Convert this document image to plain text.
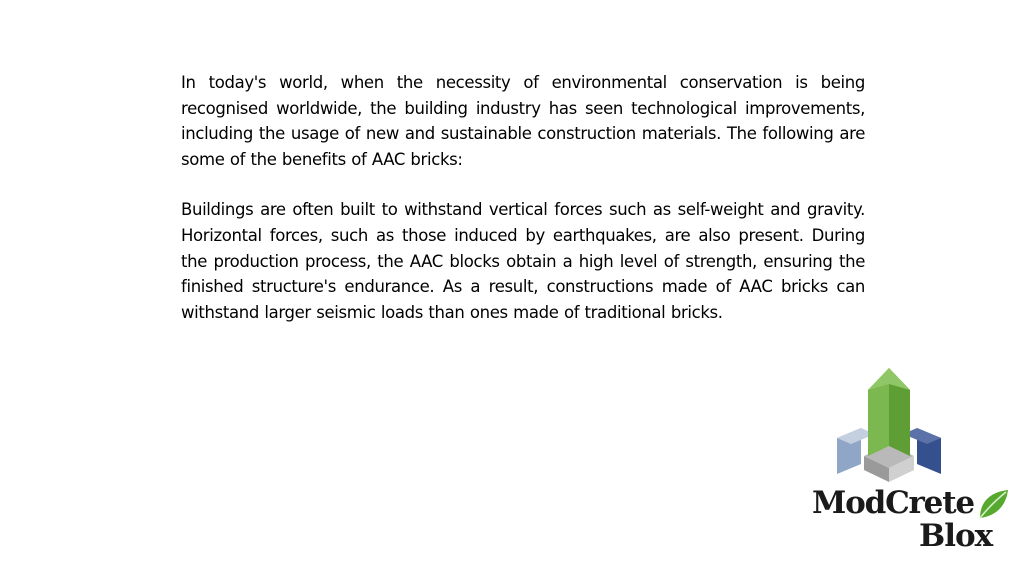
In today's world, when the necessity of environmental conservation is being recognised worldwide, the building industry has seen technological improvements, including the usage of new and sustainable construction materials. The following are some of the benefits of AAC bricks:

Buildings are often built to withstand vertical forces such as self-weight and gravity. Horizontal forces, such as those induced by earthquakes, are also present. During the production process, the AAC blocks obtain a high level of strength, ensuring the finished structure's endurance. As a result, constructions made of AAC bricks can withstand larger seismic loads than ones made of traditional bricks.

ModCrete
Blox
